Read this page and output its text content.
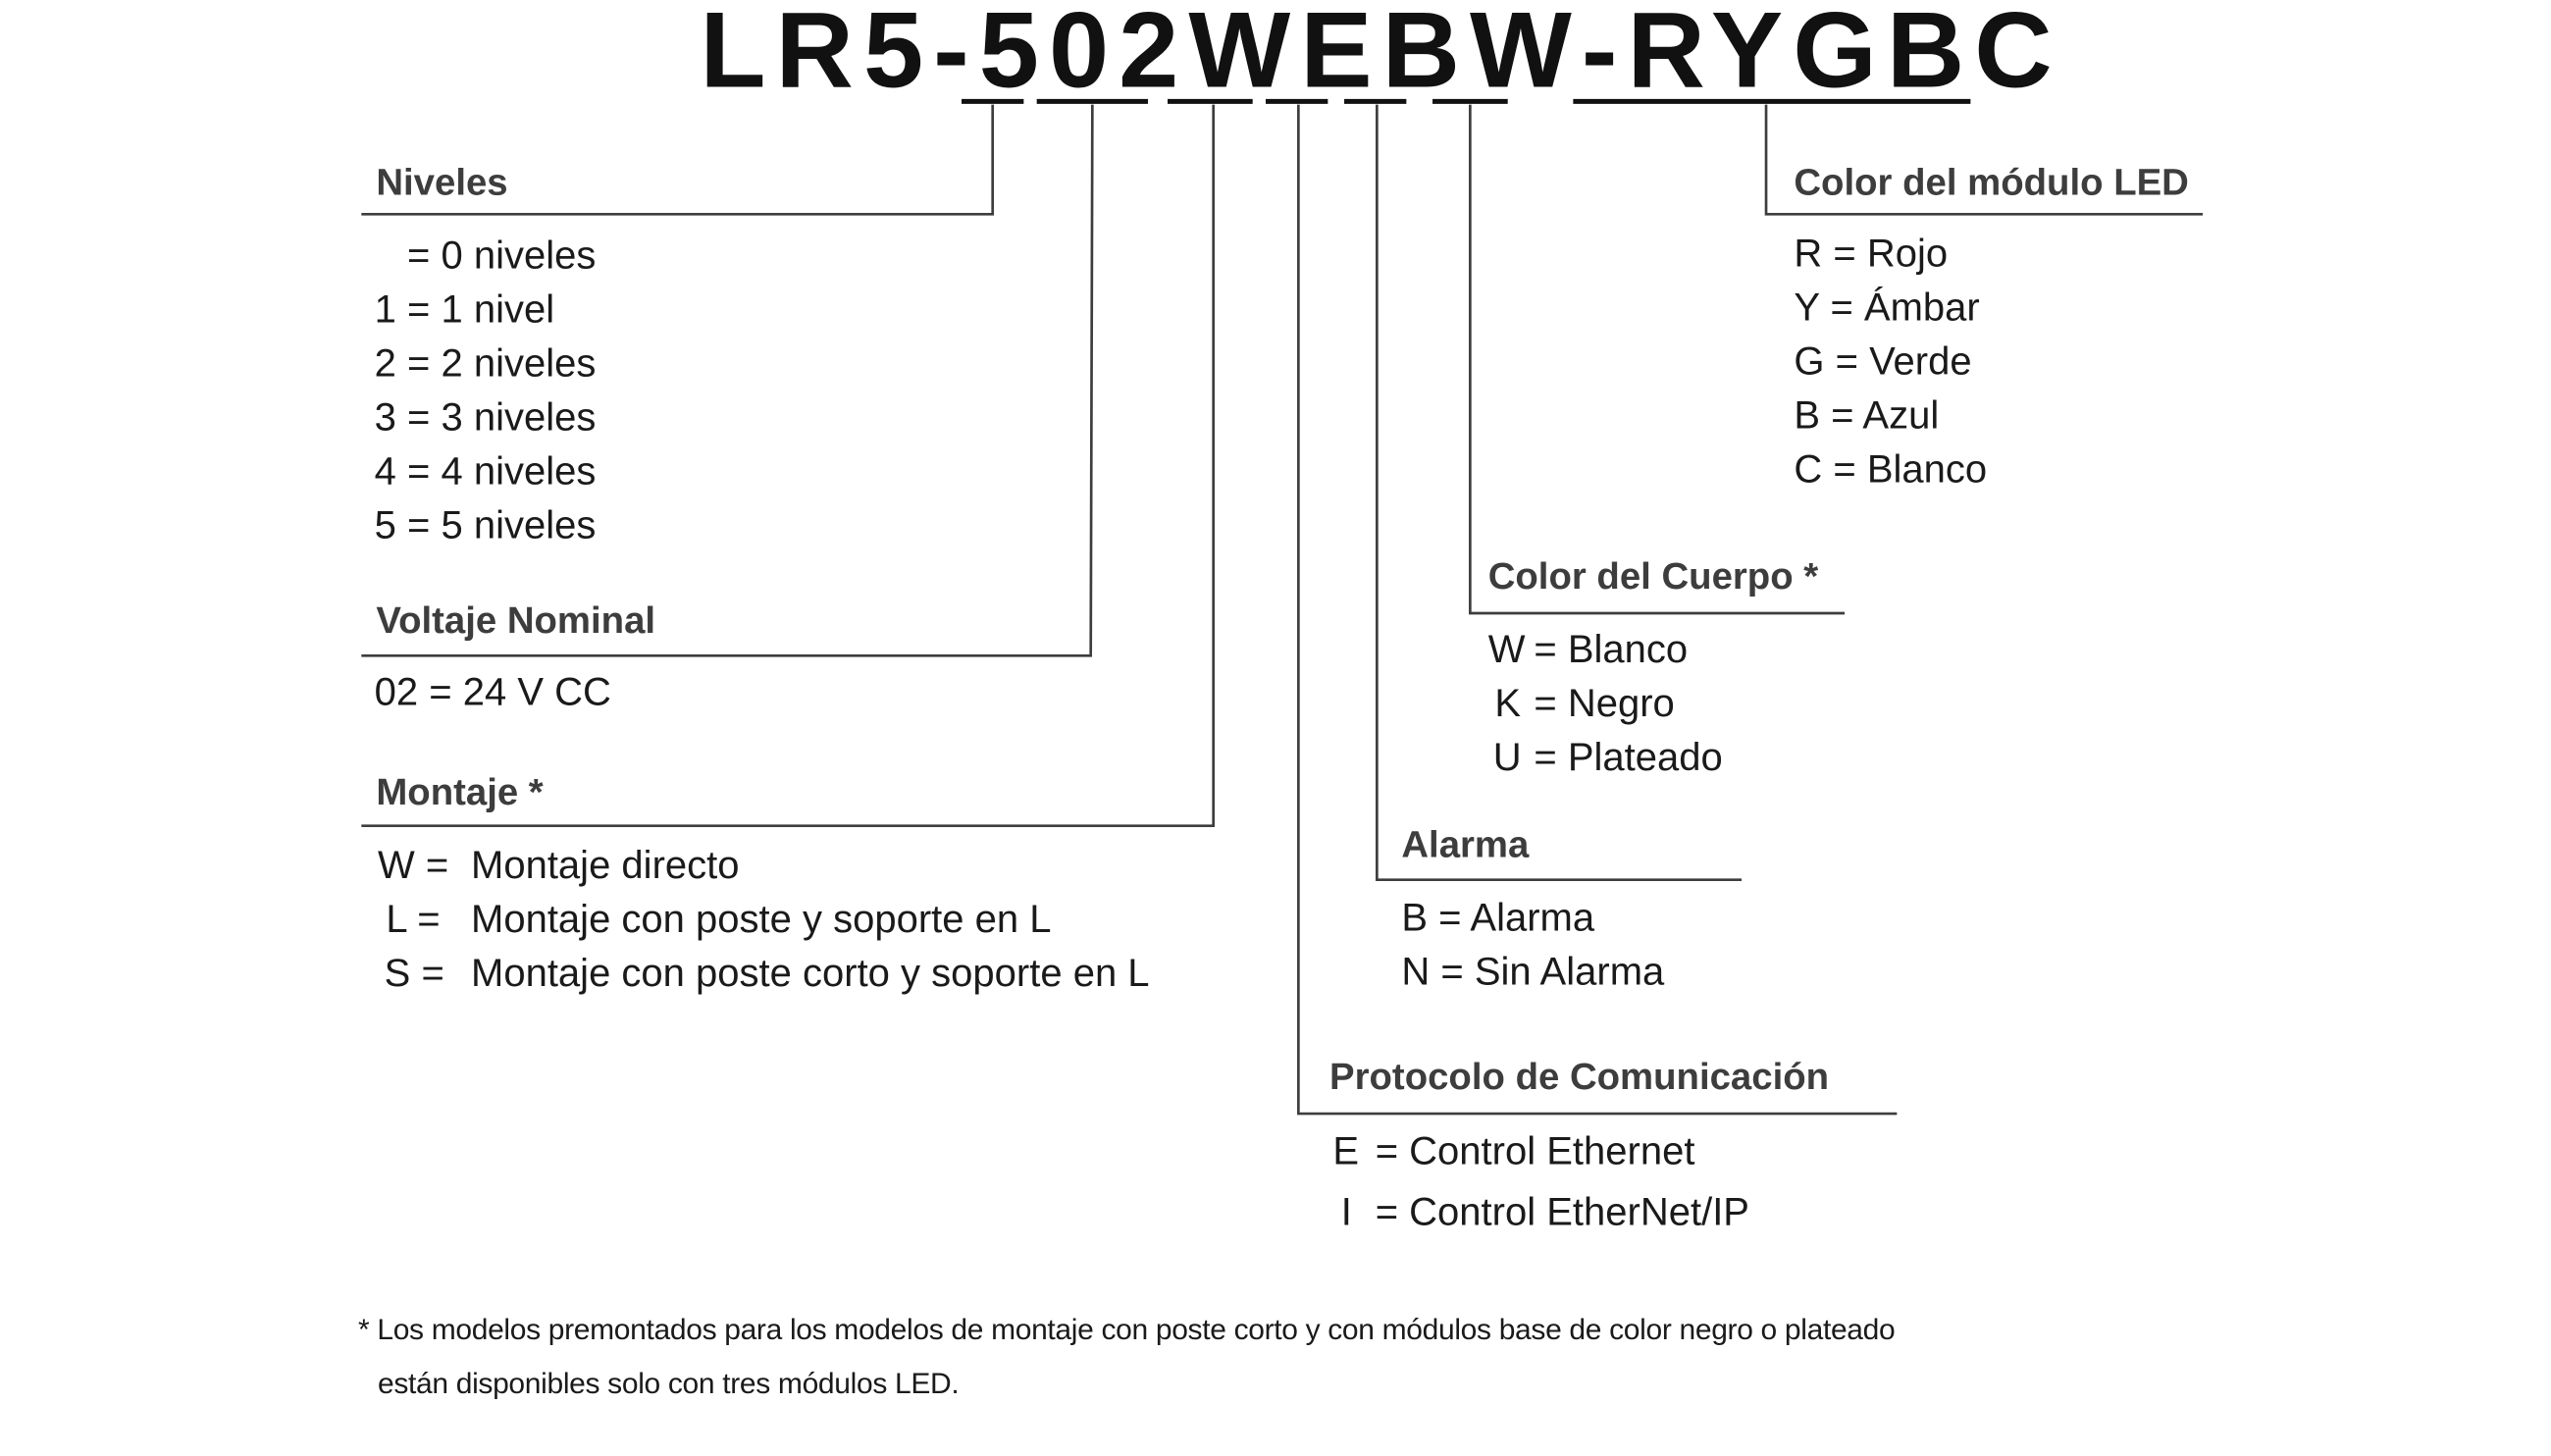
LR5-502WEBW-RYGBC
Niveles
= 0 niveles
1 = 1 nivel
2 = 2 niveles
3 = 3 niveles
4 = 4 niveles
5 = 5 niveles
Voltaje Nominal
02 = 24 V CC
Montaje *
W = Montaje directo
L = Montaje con poste y soporte en L
S = Montaje con poste corto y soporte en L
Color del módulo LED
R = Rojo
Y = Ámbar
G = Verde
B = Azul
C = Blanco
Color del Cuerpo *
W = Blanco
K = Negro
U = Plateado
Alarma
B = Alarma
N = Sin Alarma
Protocolo de Comunicación
E = Control Ethernet
I = Control EtherNet/IP
* Los modelos premontados para los modelos de montaje con poste corto y con módulos base de color negro o plateado
están disponibles solo con tres módulos LED.
